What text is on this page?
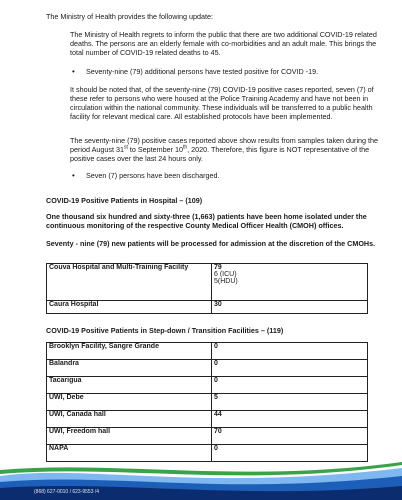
The Ministry of Health provides the following update:
The Ministry of Health regrets to inform the public that there are two additional COVID-19 related deaths. The persons are an elderly female with co-morbidities and an adult male. This brings the total number of COVID-19 related deaths to 45.
• Seventy-nine (79) additional persons have tested positive for COVID -19.
It should be noted that, of the seventy-nine (79) COVID-19 positive cases reported, seven (7) of these refer to persons who were housed at the Police Training Academy and have not been in circulation within the national community. These individuals will be transferred to a public health facility for relevant medical care. All established protocols have been implemented.
The seventy-nine (79) positive cases reported above show results from samples taken during the period August 31st to September 10th, 2020. Therefore, this figure is NOT representative of the positive cases over the last 24 hours only.
• Seven (7) persons have been discharged.
COVID-19 Positive Patients in Hospital – (109)
One thousand six hundred and sixty-three (1,663) patients have been home isolated under the continuous monitoring of the respective County Medical Officer Health (CMOH) offices.
Seventy - nine (79) new patients will be processed for admission at the discretion of the CMOHs.
Couva Hospital and Multi-Training Facility	79
6 (ICU)
5(HDU)

Caura Hospital	30
COVID-19 Positive Patients in Step-down / Transition Facilities – (119)
Brooklyn Facility, Sangre Grande	0
Balandra	0
Tacarigua	0
UWI, Debe	5
UWI, Canada hall	44
UWI, Freedom hall	70
NAPA	0
(868) 627-0010 / 623-9553 /4
